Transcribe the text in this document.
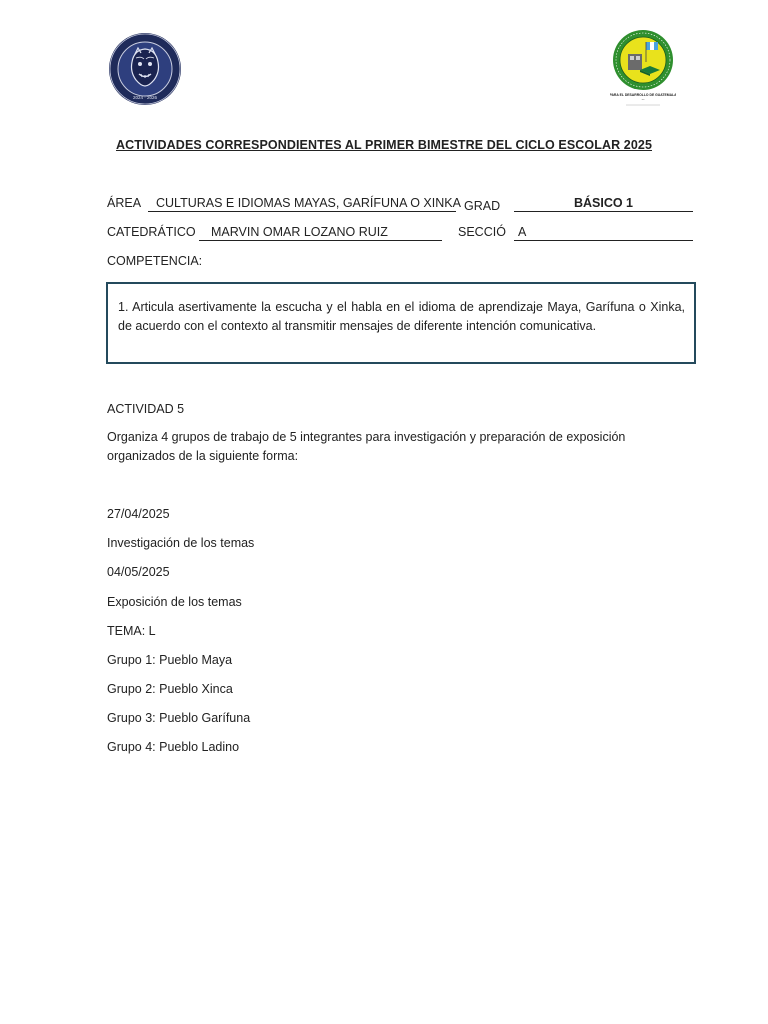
2024 · 2026	PARA EL DESARROLLO DE GUATEMALA
...
ACTIVIDADES CORRESPONDIENTES AL PRIMER BIMESTRE DEL CICLO ESCOLAR 2025
ÁREA	CULTURAS E IDIOMAS MAYAS, GARÍFUNA O XINKA GRAD	BÁSICO 1
CATEDRÁTICO	MARVIN OMAR LOZANO RUIZ	SECCIÓ A
COMPETENCIA:
1. Articula asertivamente la escucha y el habla en el idioma de aprendizaje Maya, Garífuna o Xinka, de acuerdo con el contexto al transmitir mensajes de diferente intención comunicativa.
ACTIVIDAD 5
Organiza 4 grupos de trabajo de 5 integrantes para investigación y preparación de exposición organizados de la siguiente forma:
27/04/2025
Investigación de los temas
04/05/2025
Exposición de los temas
TEMA: L
Grupo 1: Pueblo Maya
Grupo 2: Pueblo Xinca
Grupo 3: Pueblo Garífuna
Grupo 4: Pueblo Ladino
